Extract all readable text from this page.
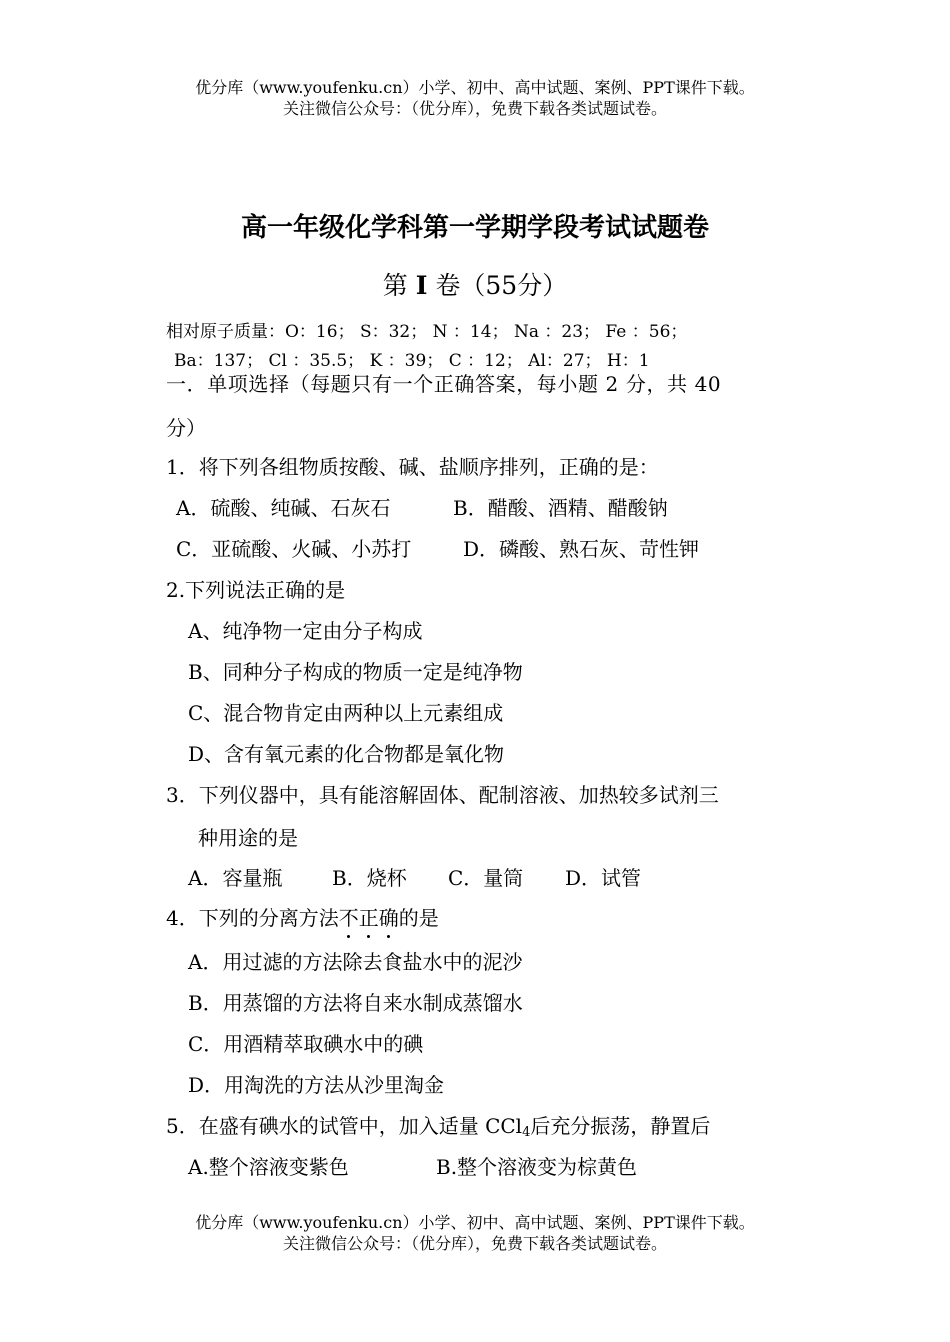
优分库（www.youfenku.cn）小学、初中、高中试题、案例、PPT课件下载。
关注微信公众号：（优分库），免费下载各类试题试卷。
高一年级化学科第一学期学段考试试题卷
第 I 卷（55分）
相对原子质量：O：16； S：32； N ：14； Na ：23； Fe ：56；
Ba：137； Cl ：35.5； K ：39； C ：12； Al：27； H：1
一．单项选择（每题只有一个正确答案，每小题 2 分，共 40
分）
1．将下列各组物质按酸、碱、盐顺序排列，正确的是：
A．硫酸、纯碱、石灰石	B．醋酸、酒精、醋酸钠
C．亚硫酸、火碱、小苏打	D．磷酸、熟石灰、苛性钾
2.下列说法正确的是
A、纯净物一定由分子构成
B、同种分子构成的物质一定是纯净物
C、混合物肯定由两种以上元素组成
D、含有氧元素的化合物都是氧化物
3．下列仪器中，具有能溶解固体、配制溶液、加热较多试剂三
种用途的是
A．容量瓶 B．烧杯 C．量筒 D．试管
4．下列的分离方法不正确的是
A．用过滤的方法除去食盐水中的泥沙
B．用蒸馏的方法将自来水制成蒸馏水
C．用酒精萃取碘水中的碘
D．用淘洗的方法从沙里淘金
5．在盛有碘水的试管中，加入适量 CCl$_4$后充分振荡，静置后
A.整个溶液变紫色	B.整个溶液变为棕黄色
优分库（www.youfenku.cn）小学、初中、高中试题、案例、PPT课件下载。
关注微信公众号：（优分库），免费下载各类试题试卷。
